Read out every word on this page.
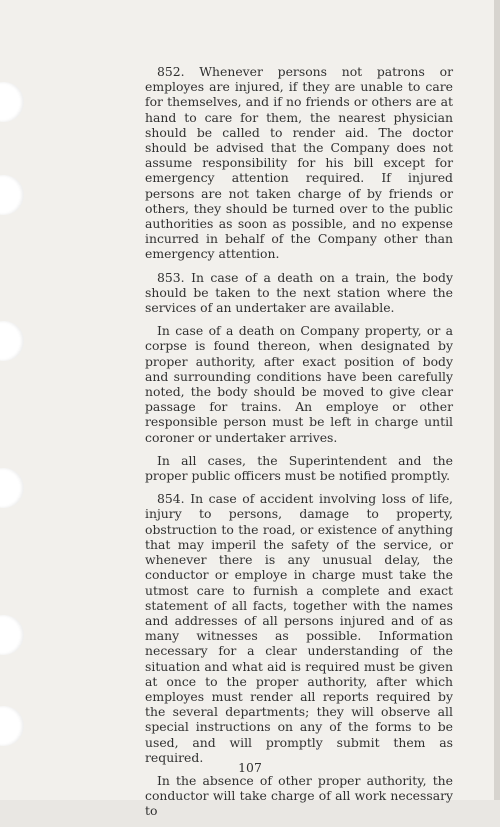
852. Whenever persons not patrons or employes are injured, if they are unable to care for themselves, and if no friends or others are at hand to care for them, the nearest physician should be called to render aid. The doctor should be advised that the Company does not assume responsibility for his bill except for emergency attention required. If injured persons are not taken charge of by friends or others, they should be turned over to the public authorities as soon as possible, and no expense incurred in behalf of the Company other than emergency attention.

853. In case of a death on a train, the body should be taken to the next station where the services of an undertaker are available.

In case of a death on Company property, or a corpse is found thereon, when designated by proper authority, after exact position of body and surrounding conditions have been carefully noted, the body should be moved to give clear passage for trains. An employe or other responsible person must be left in charge until coroner or undertaker arrives.

In all cases, the Superintendent and the proper public officers must be notified promptly.

854. In case of accident involving loss of life, injury to persons, damage to property, obstruction to the road, or existence of anything that may imperil the safety of the service, or whenever there is any unusual delay, the conductor or employe in charge must take the utmost care to furnish a complete and exact statement of all facts, together with the names and addresses of all persons injured and of as many witnesses as possible. Information necessary for a clear understanding of the situation and what aid is required must be given at once to the proper authority, after which employes must render all reports required by the several departments; they will observe all special instructions on any of the forms to be used, and will promptly submit them as required.

In the absence of other proper authority, the conductor will take charge of all work necessary to

107
